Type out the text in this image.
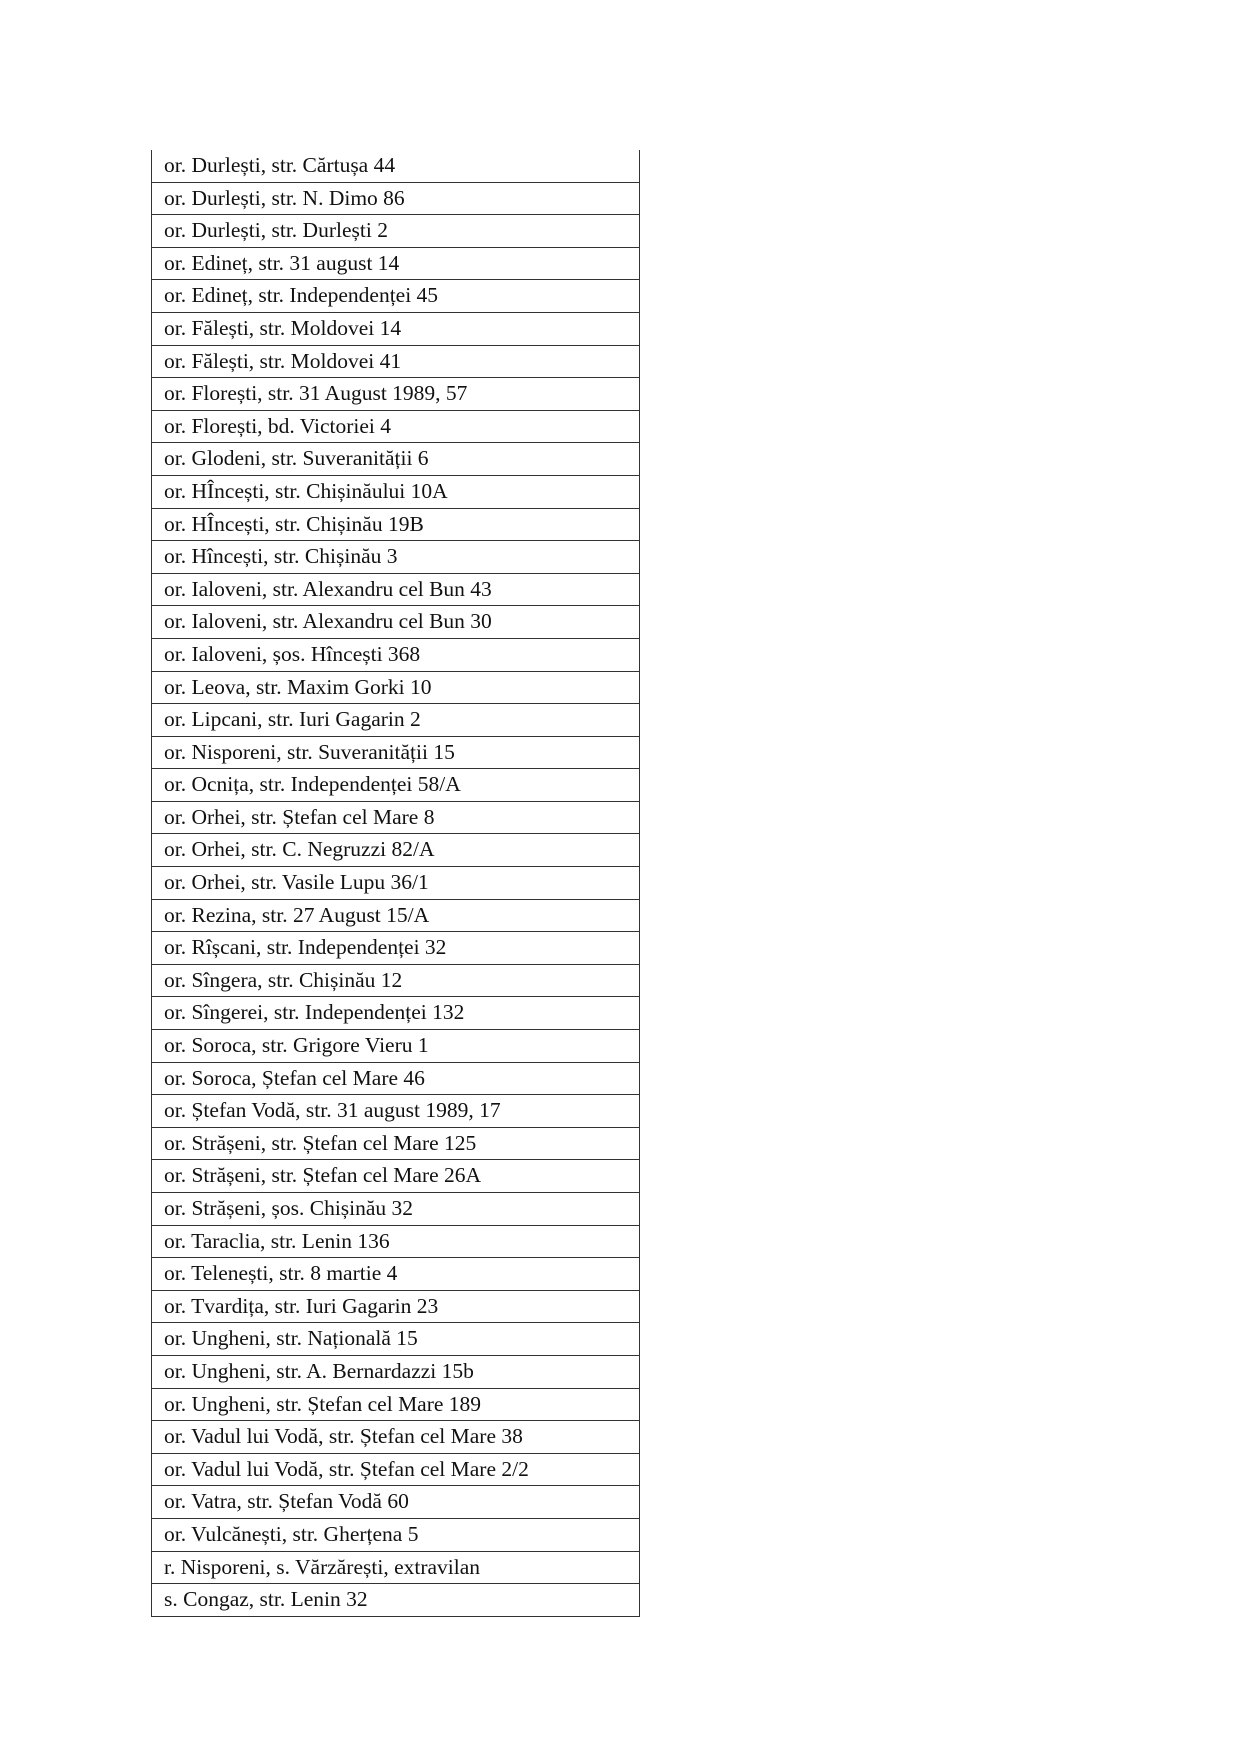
or. Durlești, str. Cărtușa 44
or. Durlești, str. N. Dimo 86
or. Durlești, str. Durlești 2
or. Edineț, str. 31 august 14
or. Edineț, str. Independenței 45
or. Fălești, str. Moldovei 14
or. Fălești, str. Moldovei 41
or. Florești, str. 31 August 1989, 57
or. Florești, bd. Victoriei 4
or. Glodeni, str. Suveranității 6
or. HÎncești, str. Chișinăului 10A
or. HÎncești, str. Chișinău 19B
or. Hîncești, str. Chișinău 3
or. Ialoveni, str. Alexandru cel Bun 43
or. Ialoveni, str. Alexandru cel Bun 30
or. Ialoveni, șos. Hîncești 368
or. Leova, str. Maxim Gorki 10
or. Lipcani, str. Iuri Gagarin 2
or. Nisporeni, str. Suveranității 15
or. Ocnița, str. Independenței 58/A
or. Orhei, str. Ștefan cel Mare 8
or. Orhei, str. C. Negruzzi 82/A
or. Orhei, str. Vasile Lupu 36/1
or. Rezina, str. 27 August 15/A
or. Rîșcani, str. Independenței 32
or. Sîngera, str. Chișinău 12
or. Sîngerei, str. Independenței 132
or. Soroca, str. Grigore Vieru 1
or. Soroca, Ștefan cel Mare 46
or. Ștefan Vodă, str. 31 august 1989, 17
or. Strășeni, str. Ștefan cel Mare 125
or. Strășeni, str. Ștefan cel Mare 26A
or. Strășeni, șos. Chișinău 32
or. Taraclia, str. Lenin 136
or. Telenești, str. 8 martie 4
or. Tvardița, str. Iuri Gagarin 23
or. Ungheni, str. Națională 15
or. Ungheni, str. A. Bernardazzi 15b
or. Ungheni, str. Ștefan cel Mare 189
or. Vadul lui Vodă, str. Ștefan cel Mare 38
or. Vadul lui Vodă, str. Ștefan cel Mare 2/2
or. Vatra, str. Ștefan Vodă 60
or. Vulcănești, str. Gherțena 5
r. Nisporeni, s. Vărzărești, extravilan
s. Congaz, str. Lenin 32
